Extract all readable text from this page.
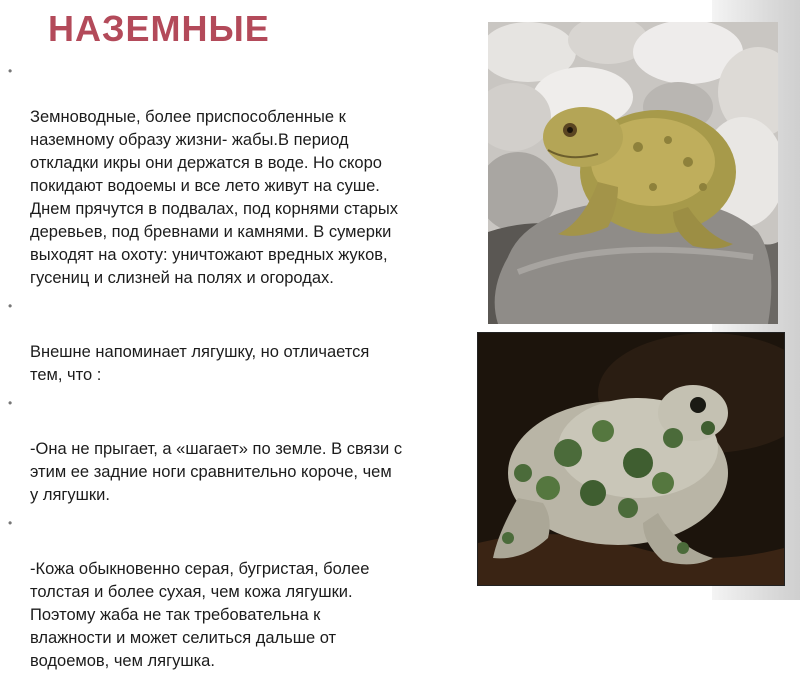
НАЗЕМНЫЕ

•

Земноводные, более приспособленные к
наземному образу жизни- жабы.В период
откладки икры они держатся в воде. Но скоро
покидают водоемы и все лето живут на суше.
Днем прячутся в подвалах, под корнями старых
деревьев, под бревнами и камнями. В сумерки
выходят на охоту: уничтожают вредных жуков,
гусениц и слизней на полях и огородах.

•

Внешне напоминает лягушку, но отличается
тем, что :

•

-Она не прыгает, а «шагает» по земле. В связи с
этим ее задние ноги сравнительно короче, чем
у лягушки.

•

-Кожа обыкновенно серая, бугристая, более
толстая и более сухая, чем кожа лягушки.
Поэтому жаба не так требовательна к
влажности и может селиться дальше от
водоемов, чем лягушка.
